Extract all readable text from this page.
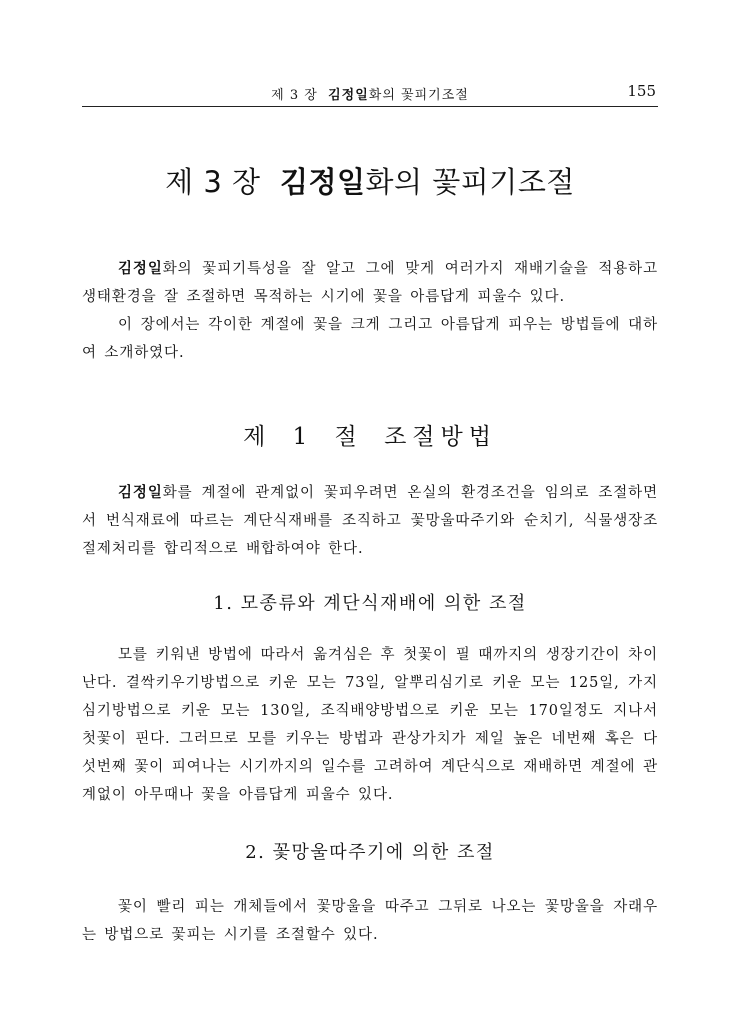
제 3 장 김정일화의 꽃피기조절	155
제 3 장 김정일화의 꽃피기조절

김정일화의 꽃피기특성을 잘 알고 그에 맞게 여러가지 재배기술을 적용하고 생태환경을 잘 조절하면 목적하는 시기에 꽃을 아름답게 피울수 있다.

이 장에서는 각이한 계절에 꽃을 크게 그리고 아름답게 피우는 방법들에 대하여 소개하였다.

제 1 절 조절방법

김정일화를 계절에 관계없이 꽃피우려면 온실의 환경조건을 임의로 조절하면서 번식재료에 따르는 계단식재배를 조직하고 꽃망울따주기와 순치기, 식물생장조절제처리를 합리적으로 배합하여야 한다.

1. 모종류와 계단식재배에 의한 조절

모를 키워낸 방법에 따라서 옮겨심은 후 첫꽃이 필 때까지의 생장기간이 차이난다. 결싹키우기방법으로 키운 모는 73일, 알뿌리심기로 키운 모는 125일, 가지심기방법으로 키운 모는 130일, 조직배양방법으로 키운 모는 170일정도 지나서 첫꽃이 핀다. 그러므로 모를 키우는 방법과 관상가치가 제일 높은 네번째 혹은 다섯번째 꽃이 피여나는 시기까지의 일수를 고려하여 계단식으로 재배하면 계절에 관계없이 아무때나 꽃을 아름답게 피울수 있다.

2. 꽃망울따주기에 의한 조절

꽃이 빨리 피는 개체들에서 꽃망울을 따주고 그뒤로 나오는 꽃망울을 자래우는 방법으로 꽃피는 시기를 조절할수 있다.
